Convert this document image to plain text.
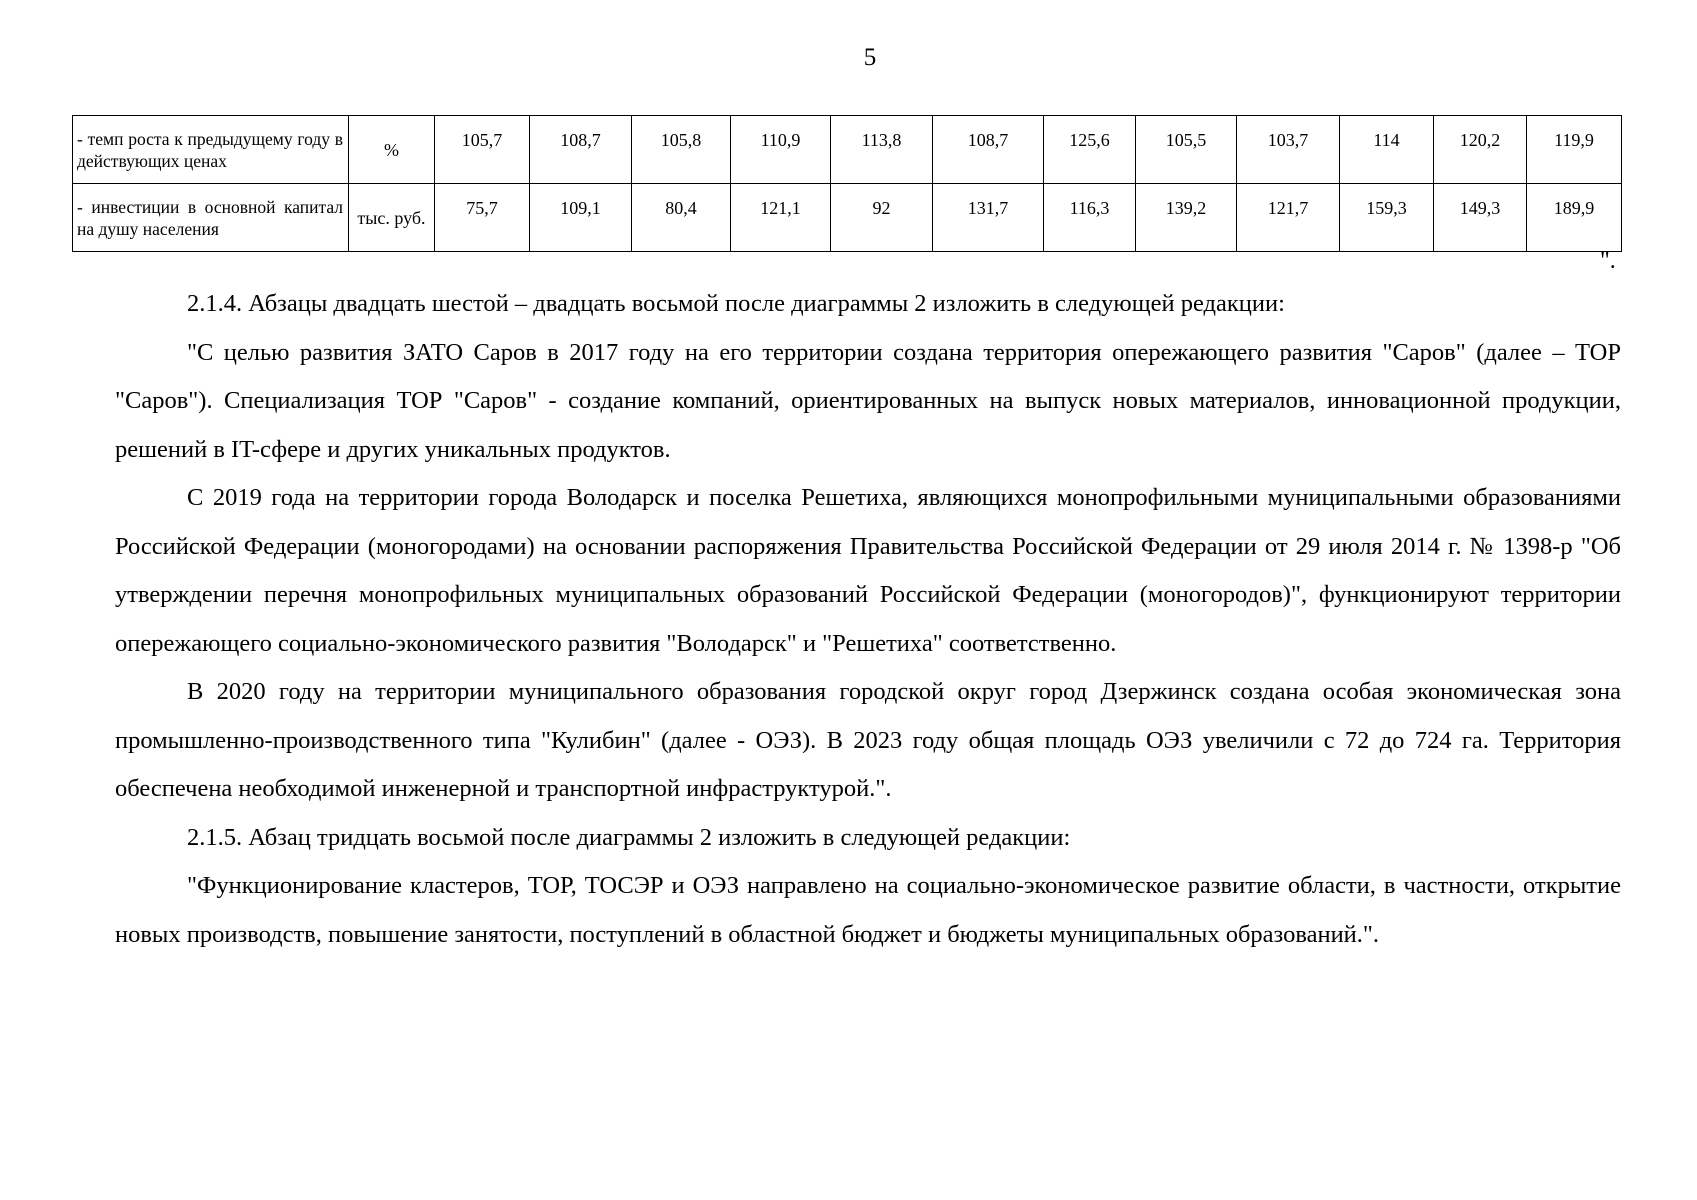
5
- темп роста к предыдущему году в действующих ценах	%	105,7	108,7	105,8	110,9	113,8	108,7	125,6	105,5	103,7	114	120,2	119,9
- инвестиции в основной капитал на душу населения	тыс. руб.	75,7	109,1	80,4	121,1	92	131,7	116,3	139,2	121,7	159,3	149,3	189,9
".

2.1.4. Абзацы двадцать шестой – двадцать восьмой после диаграммы 2 изложить в следующей редакции:

"С целью развития ЗАТО Саров в 2017 году на его территории создана территория опережающего развития "Саров" (далее – ТОР "Саров"). Специализация ТОР "Саров" - создание компаний, ориентированных на выпуск новых материалов, инновационной продукции, решений в IT-сфере и других уникальных продуктов.

С 2019 года на территории города Володарск и поселка Решетиха, являющихся монопрофильными муниципальными образованиями Российской Федерации (моногородами) на основании распоряжения Правительства Российской Федерации от 29 июля 2014 г. № 1398-р "Об утверждении перечня монопрофильных муниципальных образований Российской Федерации (моногородов)", функционируют территории опережающего социально-экономического развития "Володарск" и "Решетиха" соответственно.

В 2020 году на территории муниципального образования городской округ город Дзержинск создана особая экономическая зона промышленно-производственного типа "Кулибин" (далее - ОЭЗ). В 2023 году общая площадь ОЭЗ увеличили с 72 до 724 га. Территория обеспечена необходимой инженерной и транспортной инфраструктурой.".

2.1.5. Абзац тридцать восьмой после диаграммы 2 изложить в следующей редакции:

"Функционирование кластеров, ТОР, ТОСЭР и ОЭЗ направлено на социально-экономическое развитие области, в частности, открытие новых производств, повышение занятости, поступлений в областной бюджет и бюджеты муниципальных образований.".
